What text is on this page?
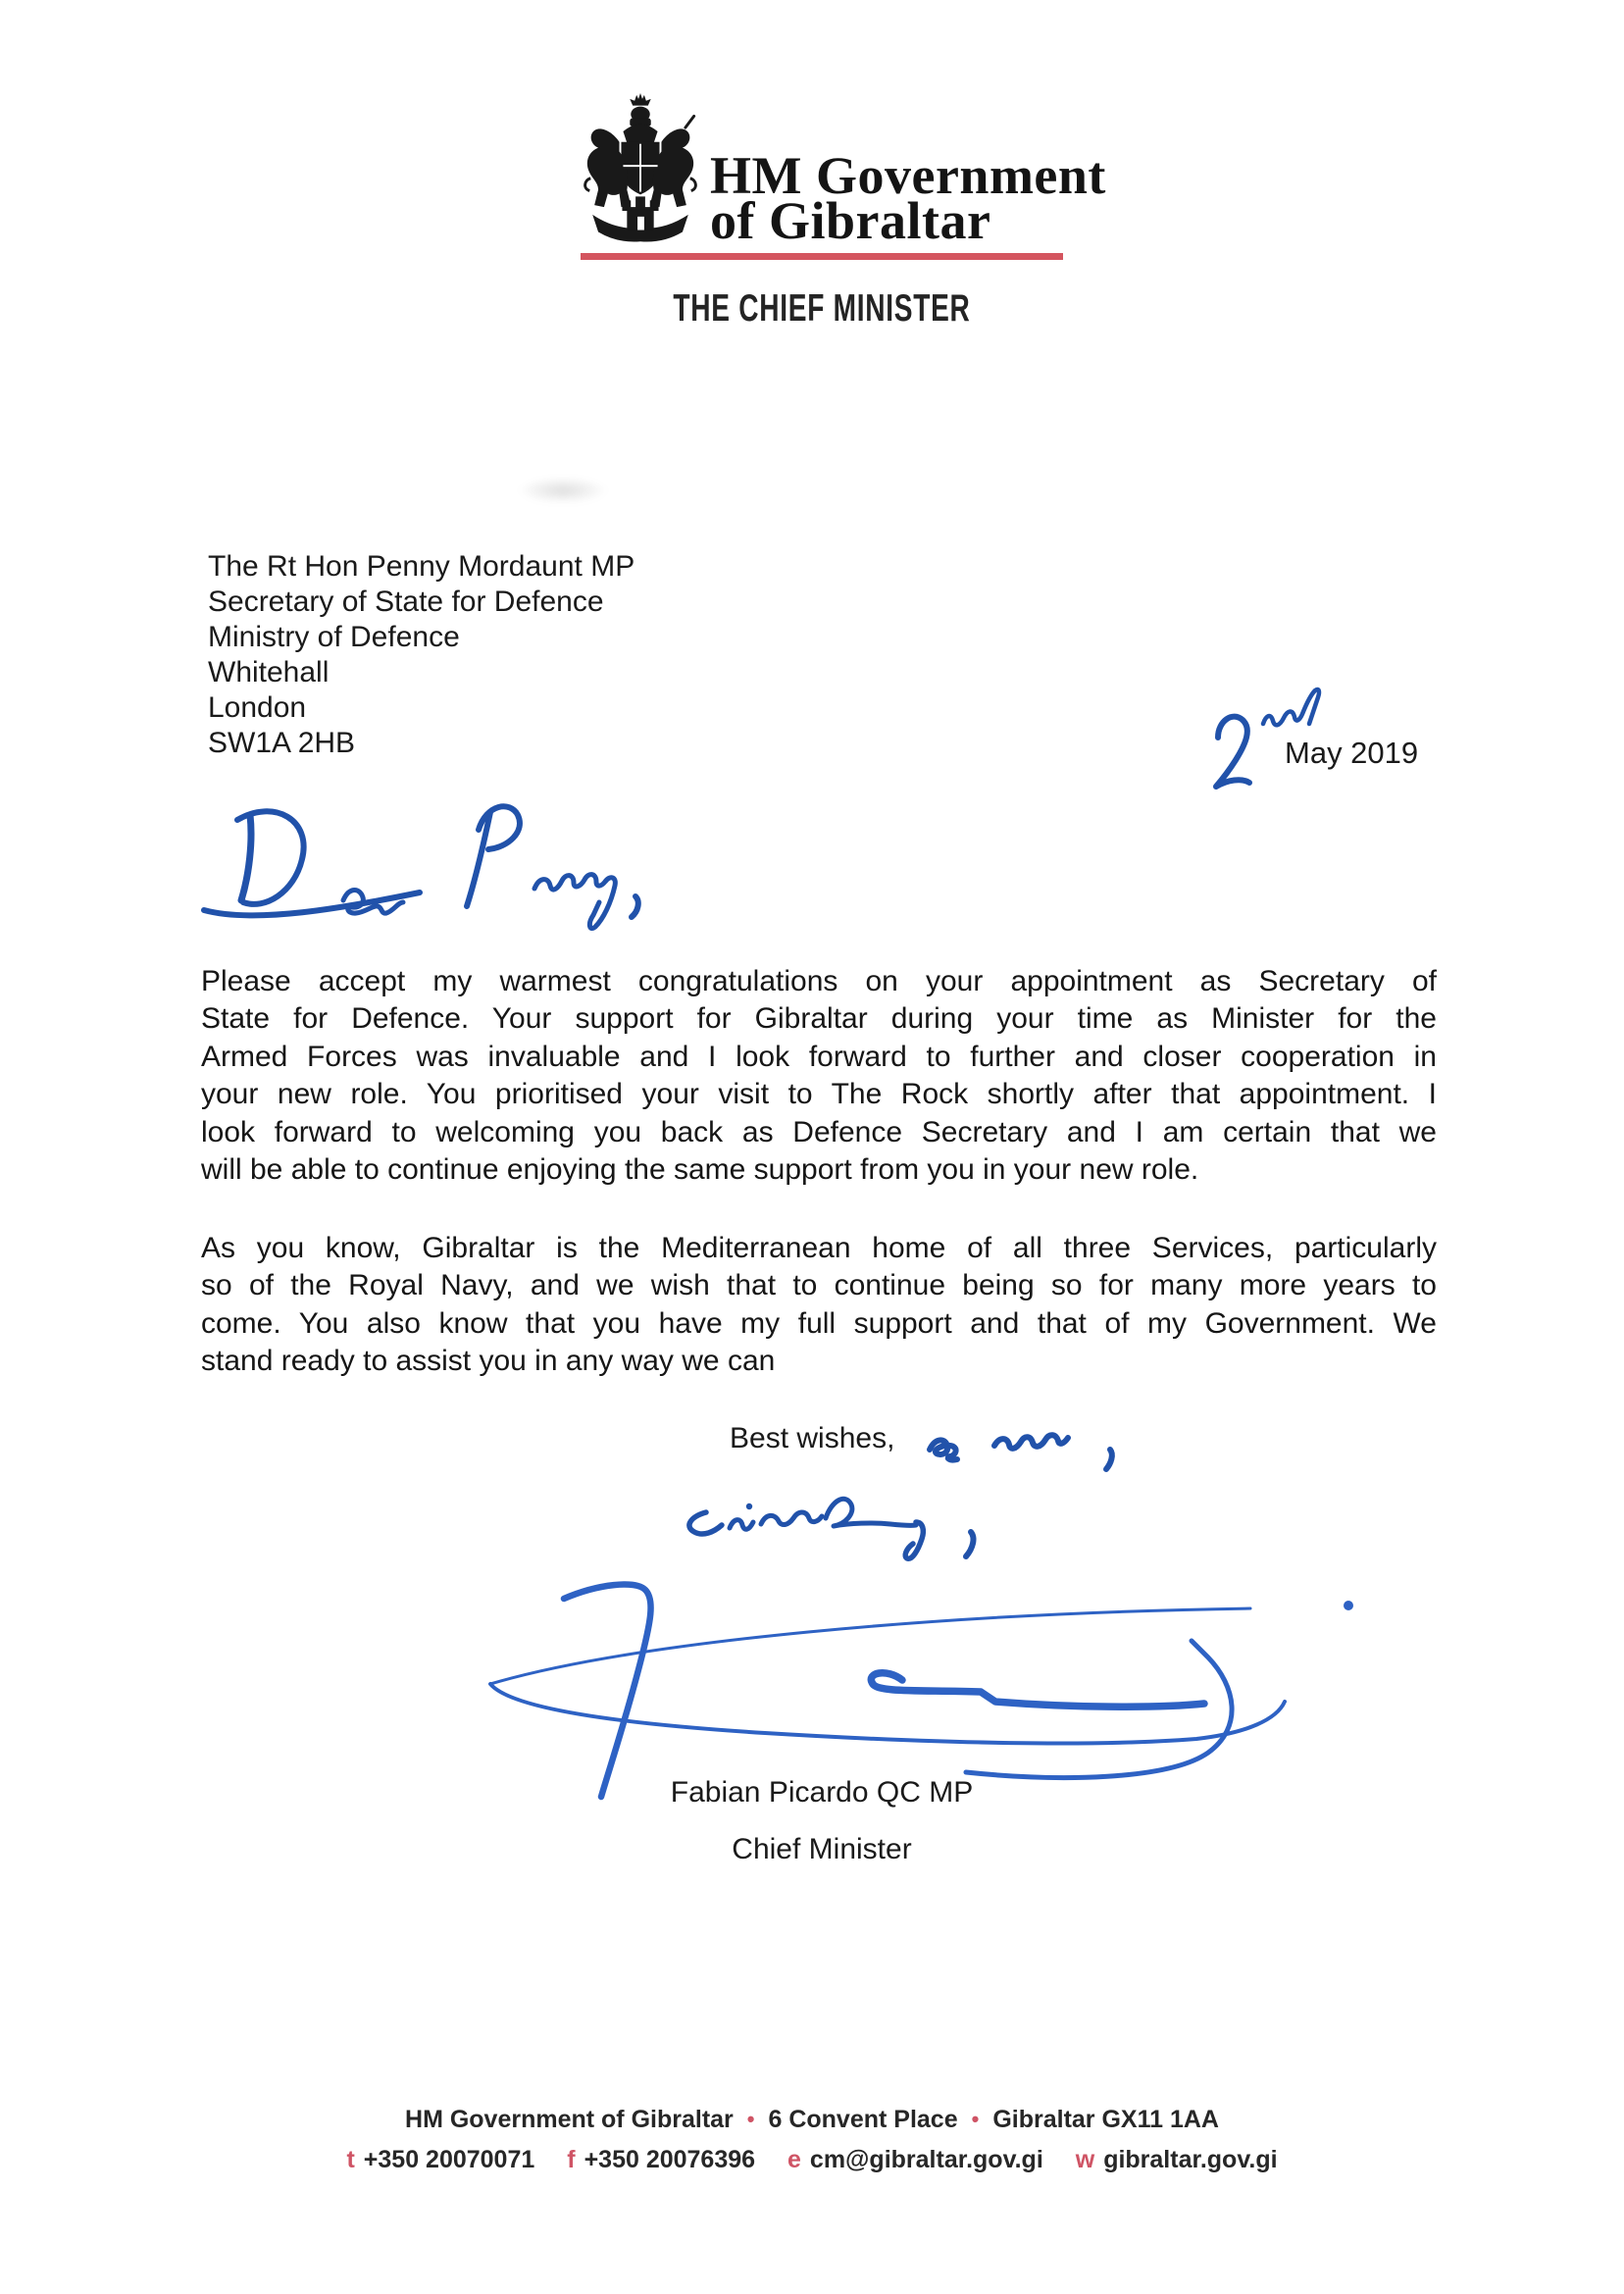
HM Government
of Gibraltar
THE CHIEF MINISTER
The Rt Hon Penny Mordaunt MP
Secretary of State for Defence
Ministry of Defence
Whitehall
London
SW1A 2HB	May 2019
Please accept my warmest congratulations on your appointment as Secretary of
State for Defence. Your support for Gibraltar during your time as Minister for the
Armed Forces was invaluable and I look forward to further and closer cooperation in
your new role. You prioritised your visit to The Rock shortly after that appointment. I
look forward to welcoming you back as Defence Secretary and I am certain that we
will be able to continue enjoying the same support from you in your new role.
As you know, Gibraltar is the Mediterranean home of all three Services, particularly
so of the Royal Navy, and we wish that to continue being so for many more years to
come. You also know that you have my full support and that of my Government. We
stand ready to assist you in any way we can
Best wishes,
Fabian Picardo QC MP
Chief Minister
HM Government of Gibraltar • 6 Convent Place • Gibraltar GX11 1AA
t +350 20070071 f +350 20076396 e cm@gibraltar.gov.gi w gibraltar.gov.gi
